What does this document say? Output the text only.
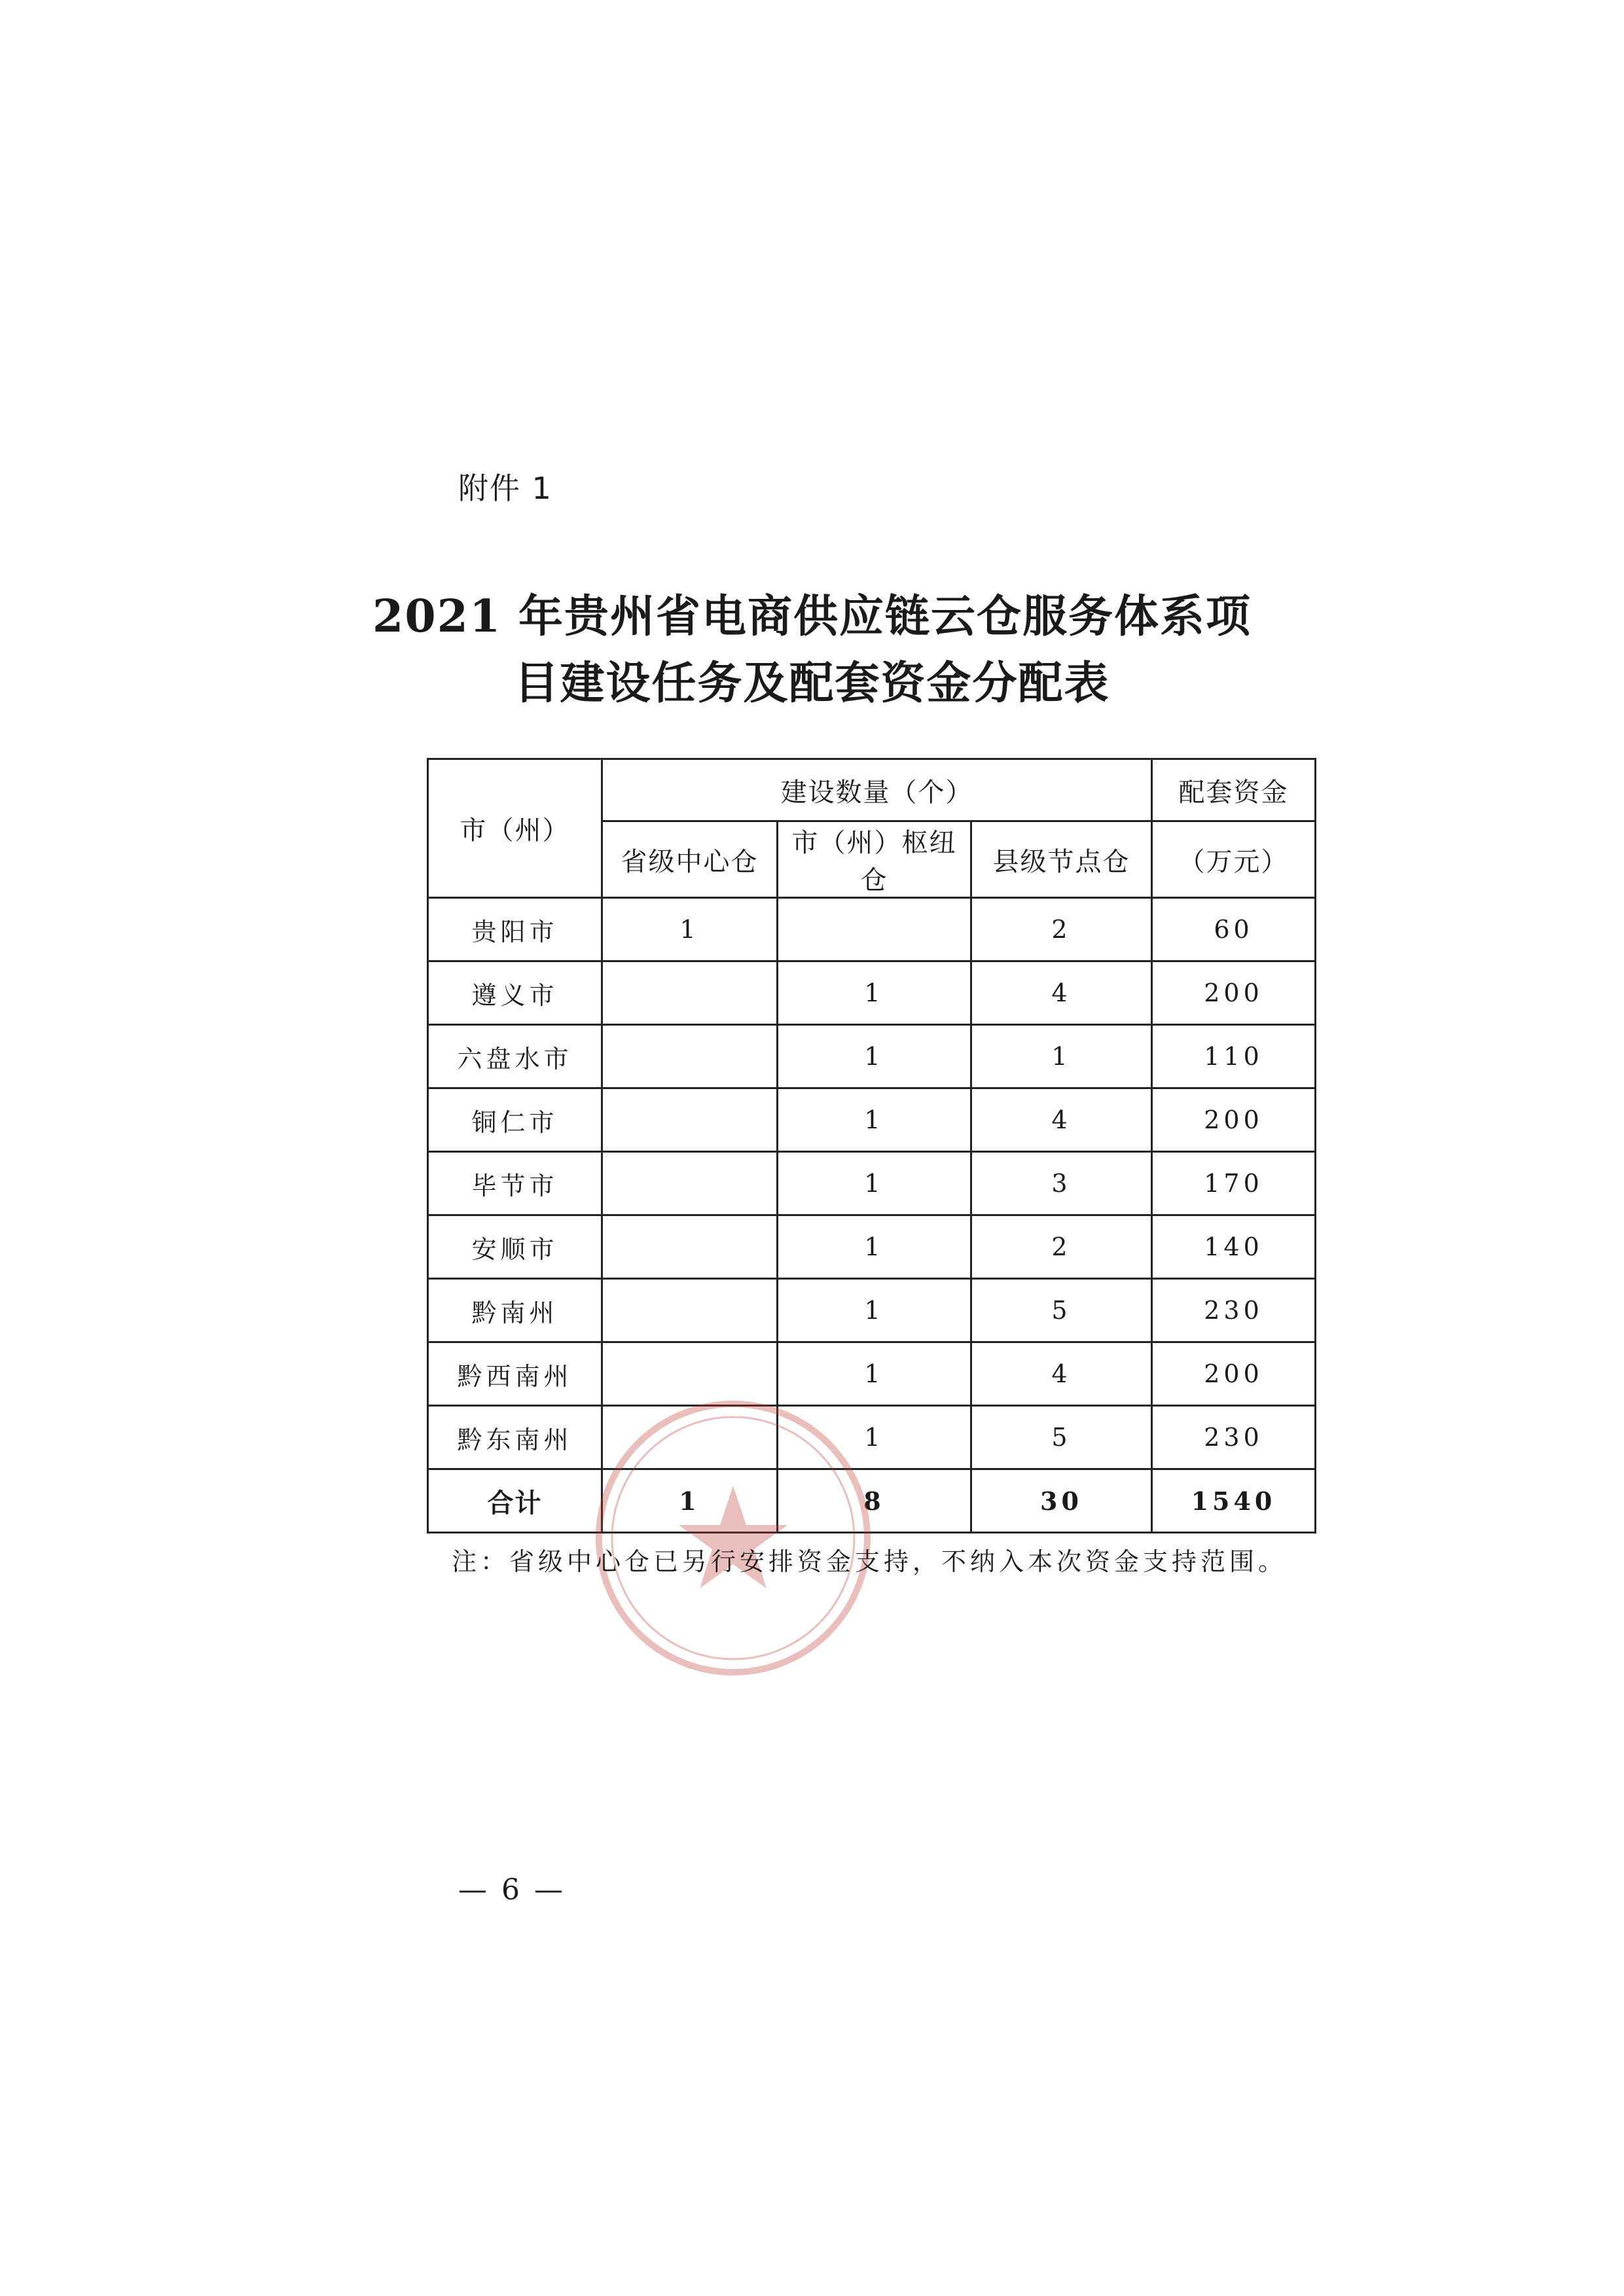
附件 1
2021 年贵州省电商供应链云仓服务体系项
目建设任务及配套资金分配表
市（州）	建设数量（个）			配套资金
	省级中心仓	市（州）枢纽仓	县级节点仓	（万元）
贵阳市	1		2	60
遵义市		1	4	200
六盘水市		1	1	110
铜仁市		1	4	200
毕节市		1	3	170
安顺市		1	2	140
黔南州		1	5	230
黔西南州		1	4	200
黔东南州		1	5	230
合计	1	8	30	1540
注：省级中心仓已另行安排资金支持，不纳入本次资金支持范围。
— 6 —
